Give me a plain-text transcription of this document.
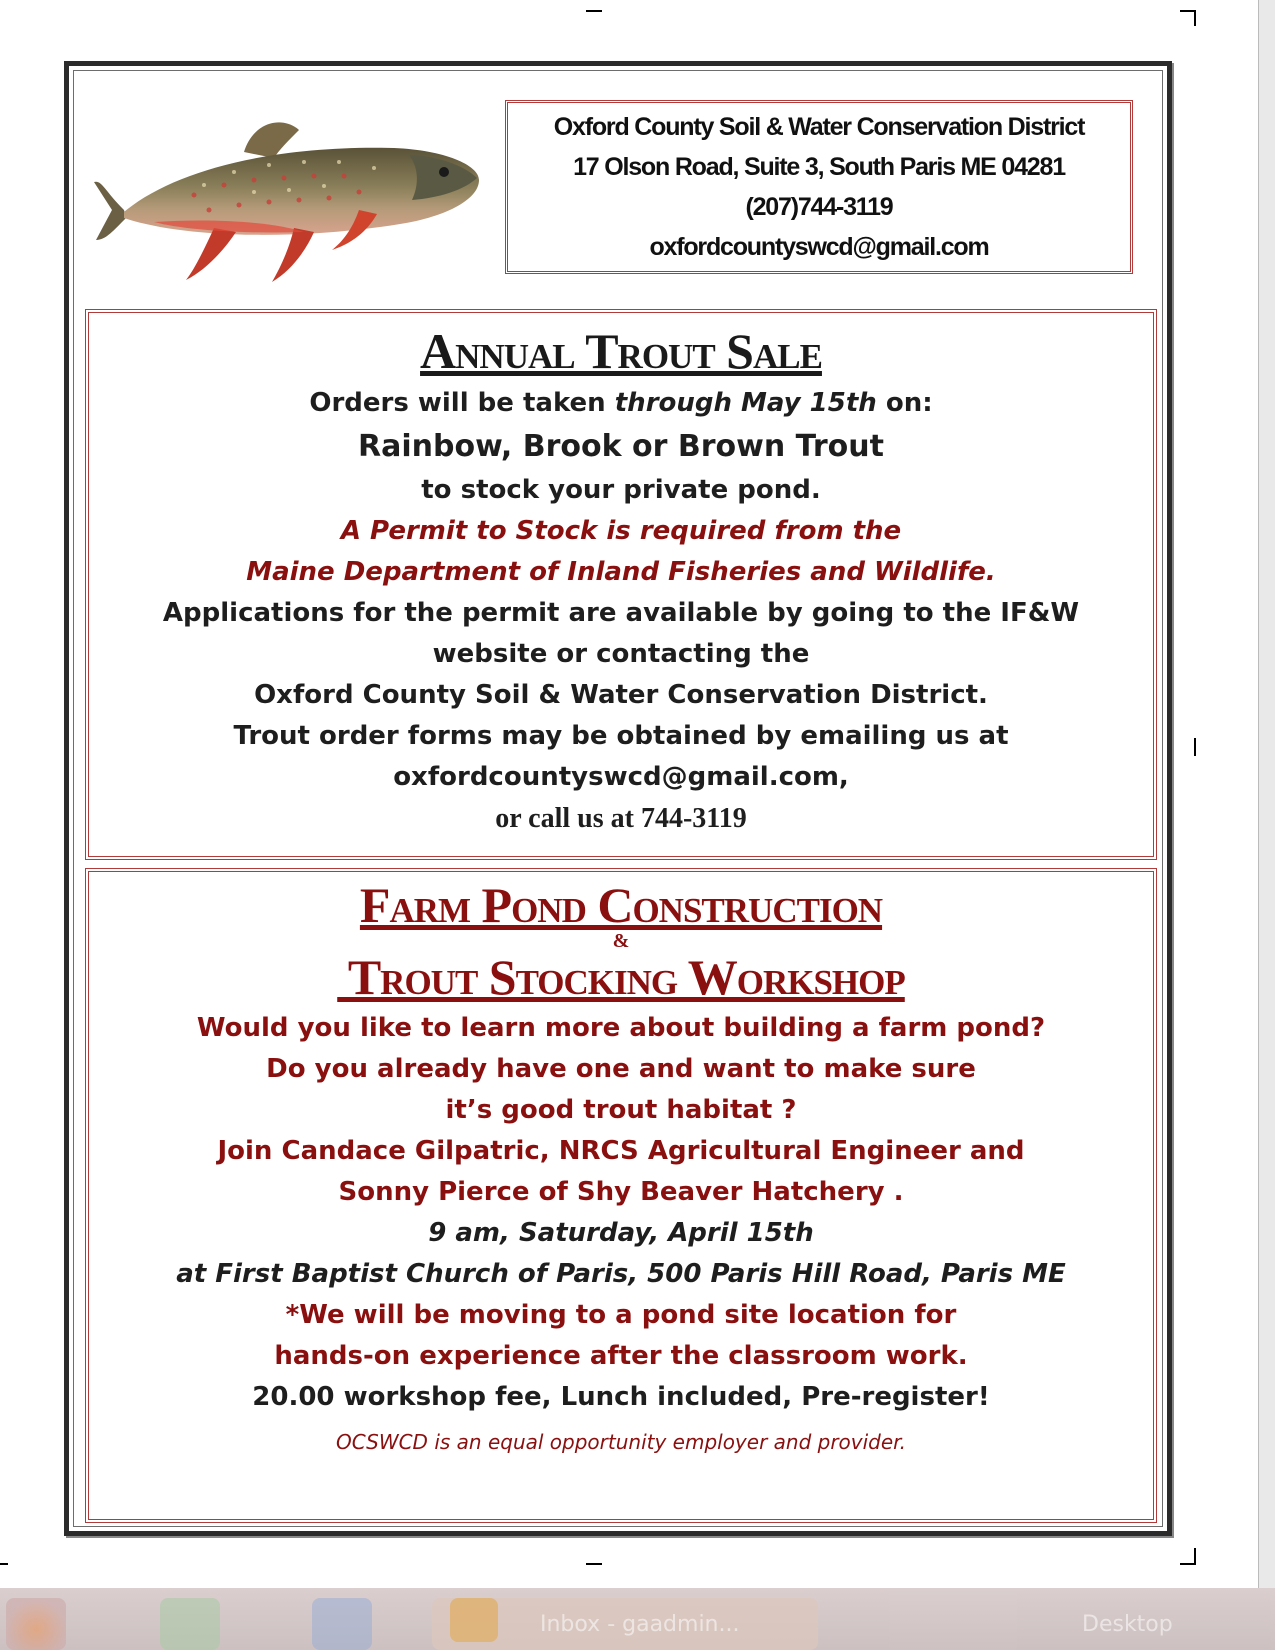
Oxford County Soil & Water Conservation District
17 Olson Road, Suite 3, South Paris ME 04281
(207)744-3119
oxfordcountyswcd@gmail.com
Annual Trout Sale
Orders will be taken through May 15th on:
Rainbow, Brook or Brown Trout
to stock your private pond.
A Permit to Stock is required from the
Maine Department of Inland Fisheries and Wildlife.
Applications for the permit are available by going to the IF&W
website or contacting the
Oxford County Soil & Water Conservation District.
Trout order forms may be obtained by emailing us at
oxfordcountyswcd@gmail.com,
or call us at 744-3119
Farm Pond Construction
&
Trout Stocking Workshop
Would you like to learn more about building a farm pond?
Do you already have one and want to make sure
it’s good trout habitat ?
Join Candace Gilpatric, NRCS Agricultural Engineer and
Sonny Pierce of Shy Beaver Hatchery .
9 am, Saturday, April 15th
at First Baptist Church of Paris, 500 Paris Hill Road, Paris ME
*We will be moving to a pond site location for
hands-on experience after the classroom work.
20.00 workshop fee, Lunch included, Pre-register!
OCSWCD is an equal opportunity employer and provider.
Inbox - gaadmin...	Desktop
